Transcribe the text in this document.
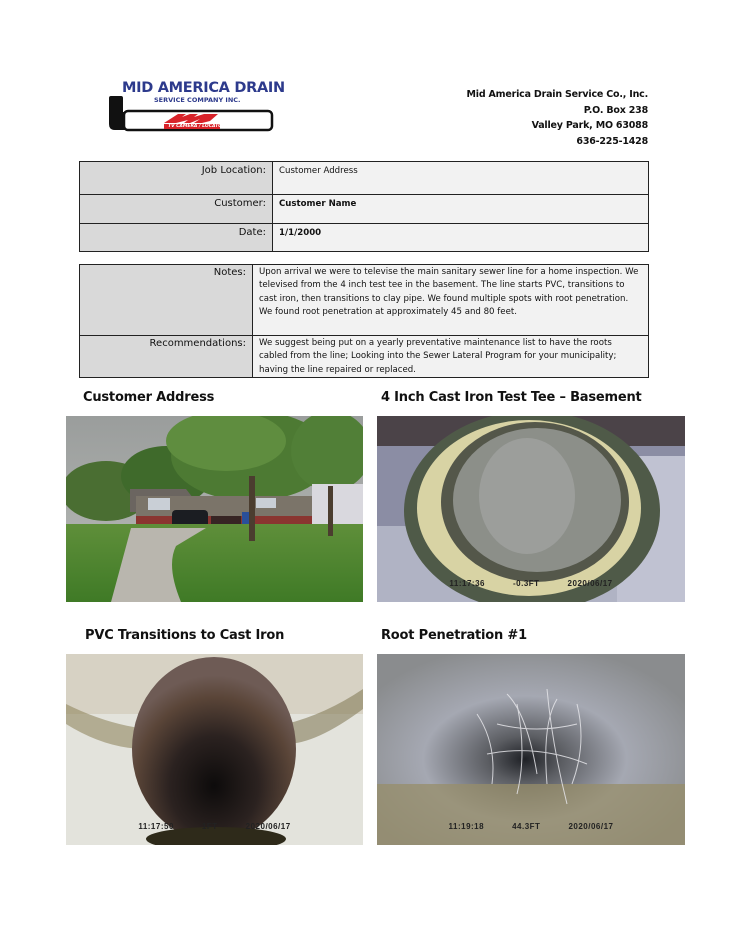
MID AMERICA DRAIN
SERVICE COMPANY INC.
TV CAMERA / LOCATOR
Mid America Drain Service Co., Inc.
P.O. Box 238
Valley Park, MO 63088
636-225-1428
Job Location:	Customer Address
Customer:	Customer Name
Date:	1/1/2000
Notes:	Upon arrival we were to televise the main sanitary sewer line for a home inspection. We televised from the 4 inch test tee in the basement. The line starts PVC, transitions to cast iron, then transitions to clay pipe. We found multiple spots with root penetration. We found root penetration at approximately 45 and 80 feet.
Recommendations:	We suggest being put on a yearly preventative maintenance list to have the roots cabled from the line; Looking into the Sewer Lateral Program for your municipality; having the line repaired or replaced.
Customer Address	4 Inch Cast Iron Test Tee – Basement
11:17:36	-0.3FT	2020/06/17
PVC Transitions to Cast Iron
11:17:50	1FT	2020/06/17
Root Penetration #1
11:19:18	44.3FT	2020/06/17
